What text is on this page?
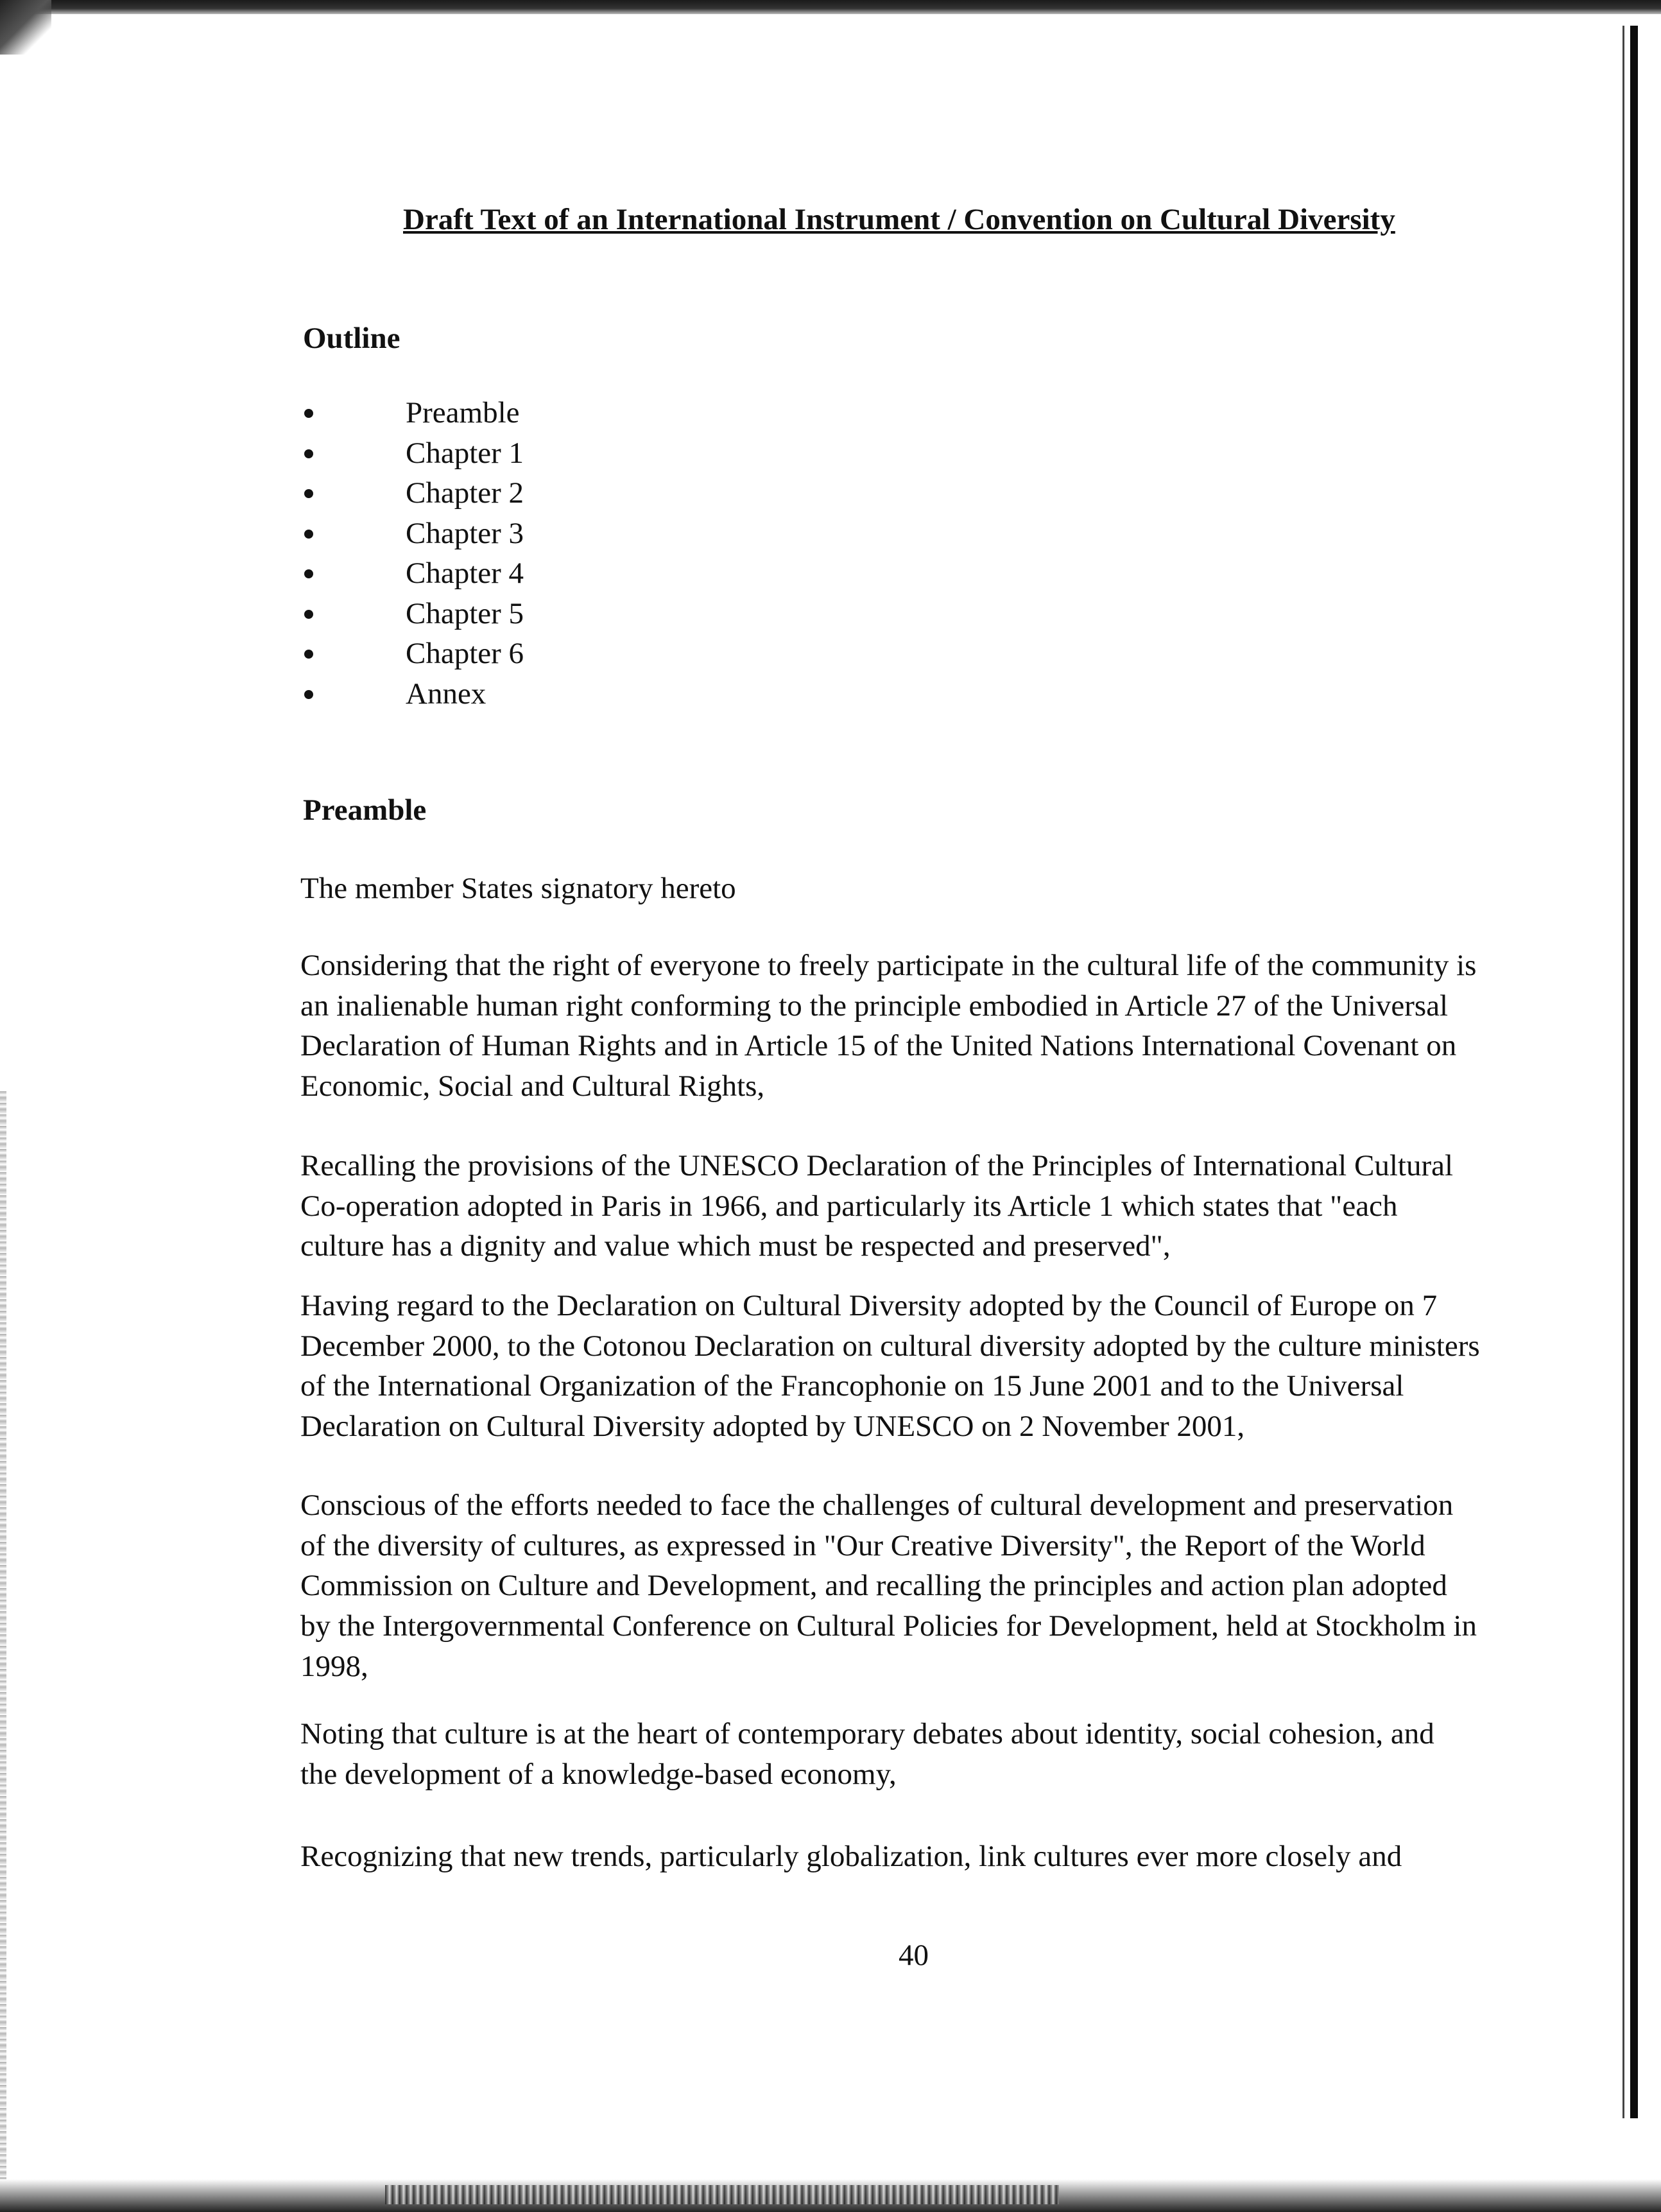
Draft Text of an International Instrument / Convention on Cultural Diversity
Outline
Preamble
Chapter 1
Chapter 2
Chapter 3
Chapter 4
Chapter 5
Chapter 6
Annex
Preamble

The member States signatory hereto

Considering that the right of everyone to freely participate in the cultural life of the community is
an inalienable human right conforming to the principle embodied in Article 27 of the Universal
Declaration of Human Rights and in Article 15 of the United Nations International Covenant on
Economic, Social and Cultural Rights,

Recalling the provisions of the UNESCO Declaration of the Principles of International Cultural
Co-operation adopted in Paris in 1966, and particularly its Article 1 which states that "each
culture has a dignity and value which must be respected and preserved",

Having regard to the Declaration on Cultural Diversity adopted by the Council of Europe on 7
December 2000, to the Cotonou Declaration on cultural diversity adopted by the culture ministers
of the International Organization of the Francophonie on 15 June 2001 and to the Universal
Declaration on Cultural Diversity adopted by UNESCO on 2 November 2001,

Conscious of the efforts needed to face the challenges of cultural development and preservation
of the diversity of cultures, as expressed in "Our Creative Diversity", the Report of the World
Commission on Culture and Development, and recalling the principles and action plan adopted
by the Intergovernmental Conference on Cultural Policies for Development, held at Stockholm in
1998,

Noting that culture is at the heart of contemporary debates about identity, social cohesion, and
the development of a knowledge-based economy,

Recognizing that new trends, particularly globalization, link cultures ever more closely and

40
